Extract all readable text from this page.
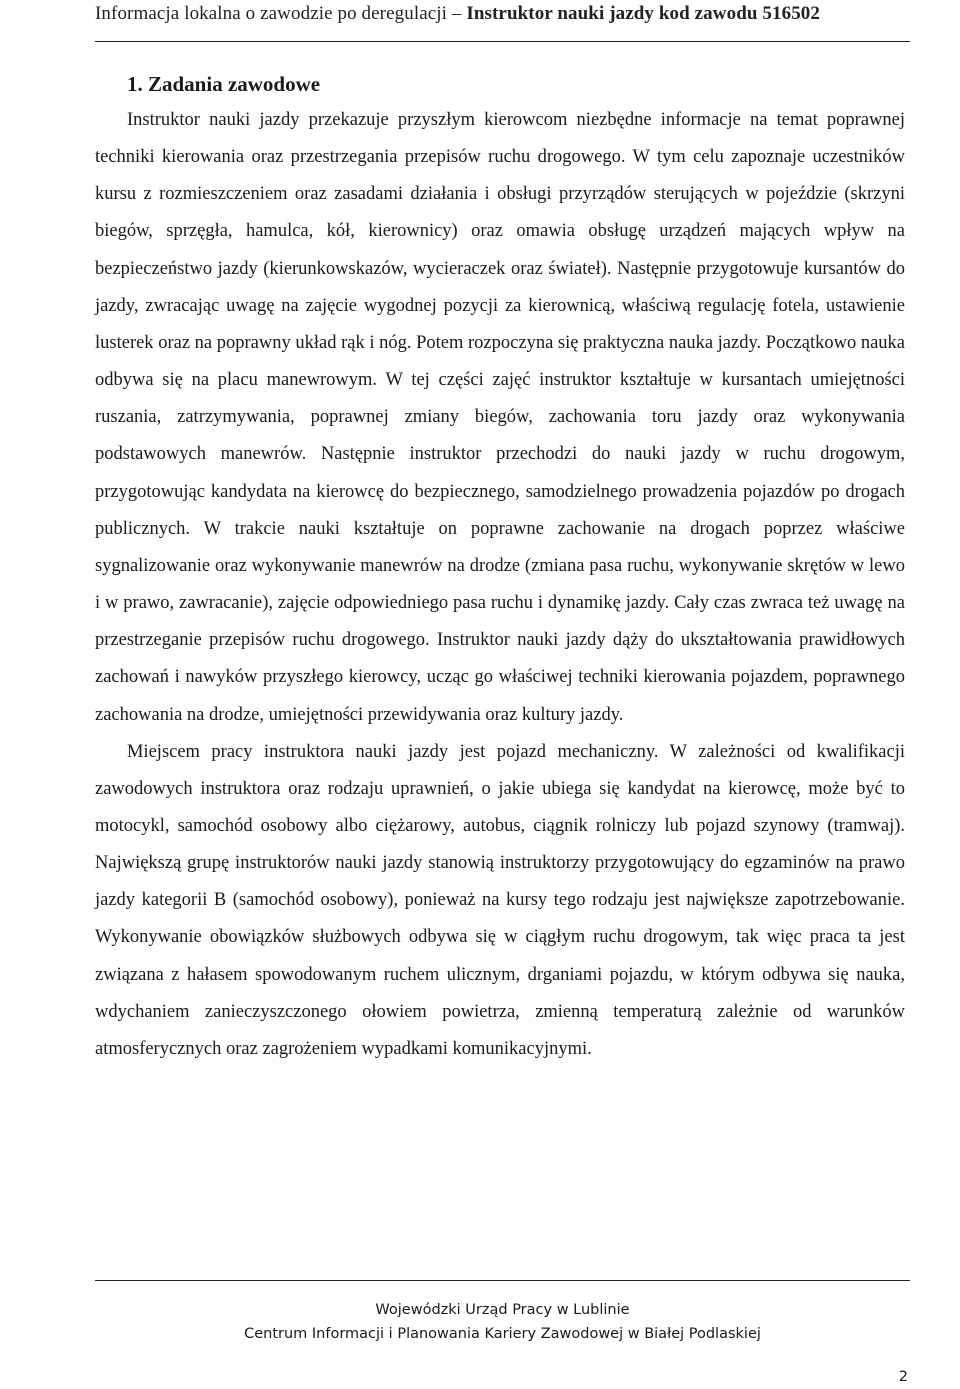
Informacja lokalna o zawodzie po deregulacji – Instruktor nauki jazdy kod zawodu 516502
1. Zadania zawodowe

Instruktor nauki jazdy przekazuje przyszłym kierowcom niezbędne informacje na temat poprawnej techniki kierowania oraz przestrzegania przepisów ruchu drogowego. W tym celu zapoznaje uczestników kursu z rozmieszczeniem oraz zasadami działania i obsługi przyrządów sterujących w pojeździe (skrzyni biegów, sprzęgła, hamulca, kół, kierownicy) oraz omawia obsługę urządzeń mających wpływ na bezpieczeństwo jazdy (kierunkowskazów, wycieraczek oraz świateł). Następnie przygotowuje kursantów do jazdy, zwracając uwagę na zajęcie wygodnej pozycji za kierownicą, właściwą regulację fotela, ustawienie lusterek oraz na poprawny układ rąk i nóg. Potem rozpoczyna się praktyczna nauka jazdy. Początkowo nauka odbywa się na placu manewrowym. W tej części zajęć instruktor kształtuje w kursantach umiejętności ruszania, zatrzymywania, poprawnej zmiany biegów, zachowania toru jazdy oraz wykonywania podstawowych manewrów. Następnie instruktor przechodzi do nauki jazdy w ruchu drogowym, przygotowując kandydata na kierowcę do bezpiecznego, samodzielnego prowadzenia pojazdów po drogach publicznych. W trakcie nauki kształtuje on poprawne zachowanie na drogach poprzez właściwe sygnalizowanie oraz wykonywanie manewrów na drodze (zmiana pasa ruchu, wykonywanie skrętów w lewo i w prawo, zawracanie), zajęcie odpowiedniego pasa ruchu i dynamikę jazdy. Cały czas zwraca też uwagę na przestrzeganie przepisów ruchu drogowego. Instruktor nauki jazdy dąży do ukształtowania prawidłowych zachowań i nawyków przyszłego kierowcy, ucząc go właściwej techniki kierowania pojazdem, poprawnego zachowania na drodze, umiejętności przewidywania oraz kultury jazdy.

Miejscem pracy instruktora nauki jazdy jest pojazd mechaniczny. W zależności od kwalifikacji zawodowych instruktora oraz rodzaju uprawnień, o jakie ubiega się kandydat na kierowcę, może być to motocykl, samochód osobowy albo ciężarowy, autobus, ciągnik rolniczy lub pojazd szynowy (tramwaj). Największą grupę instruktorów nauki jazdy stanowią instruktorzy przygotowujący do egzaminów na prawo jazdy kategorii B (samochód osobowy), ponieważ na kursy tego rodzaju jest największe zapotrzebowanie. Wykonywanie obowiązków służbowych odbywa się w ciągłym ruchu drogowym, tak więc praca ta jest związana z hałasem spowodowanym ruchem ulicznym, drganiami pojazdu, w którym odbywa się nauka, wdychaniem zanieczyszczonego ołowiem powietrza, zmienną temperaturą zależnie od warunków atmosferycznych oraz zagrożeniem wypadkami komunikacyjnymi.

Wojewódzki Urząd Pracy w Lublinie
Centrum Informacji i Planowania Kariery Zawodowej w Białej Podlaskiej
2
